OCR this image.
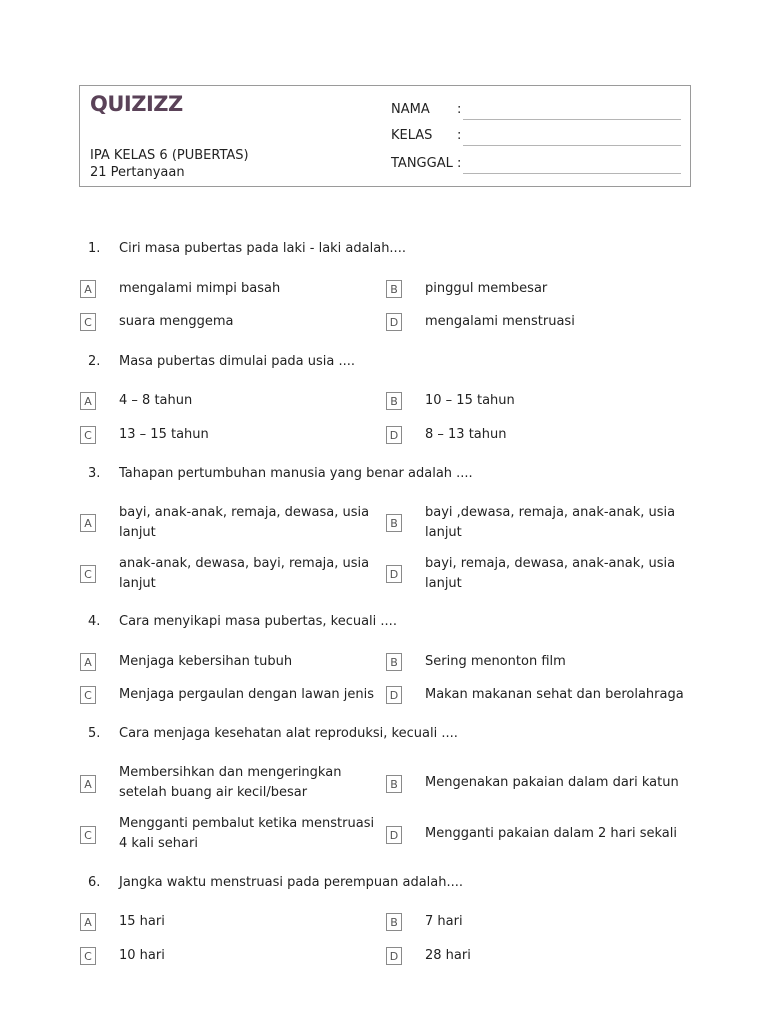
QUIZIZZ
IPA KELAS 6 (PUBERTAS)
21 Pertanyaan
NAMA :
KELAS :
TANGGAL :
1.	Ciri masa pubertas pada laki - laki adalah....
A	mengalami mimpi basah	B	pinggul membesar
C	suara menggema	D mengalami menstruasi
2.	Masa pubertas dimulai pada usia ....
A	4 – 8 tahun	B	10 – 15 tahun
C	13 – 15 tahun	D 8 – 13 tahun
3.	Tahapan pertumbuhan manusia yang benar adalah ....
A
bayi, anak-anak, remaja, dewasa, usia lanjut
B
bayi ,dewasa, remaja, anak-anak, usia lanjut
C
anak-anak, dewasa, bayi, remaja, usia lanjut
D
bayi, remaja, dewasa, anak-anak, usia lanjut
4.	Cara menyikapi masa pubertas, kecuali ....
A	Menjaga kebersihan tubuh	B	Sering menonton film
C	Menjaga pergaulan dengan lawan jenis	D Makan makanan sehat dan berolahraga
5.	Cara menjaga kesehatan alat reproduksi, kecuali ....
A
Membersihkan dan mengeringkan setelah buang air kecil/besar
B	Mengenakan pakaian dalam dari katun
C
Mengganti pembalut ketika menstruasi 4 kali sehari
D Mengganti pakaian dalam 2 hari sekali
6.	Jangka waktu menstruasi pada perempuan adalah....
A	15 hari	B	7 hari
C	10 hari	D 28 hari
